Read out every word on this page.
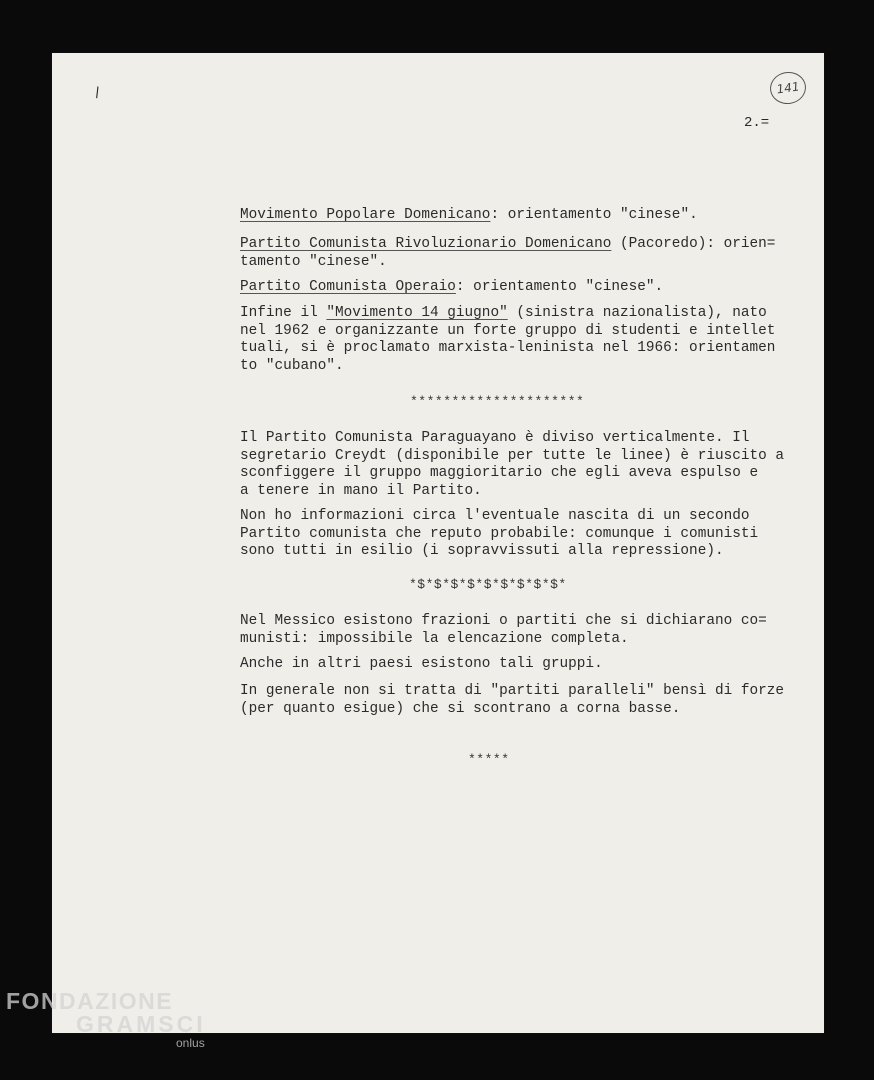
\	141
2.=
Movimento Popolare Domenicano: orientamento "cinese".
Partito Comunista Rivoluzionario Domenicano (Pacoredo): orien=
tamento "cinese".
Partito Comunista Operaio: orientamento "cinese".
Infine il "Movimento 14 giugno" (sinistra nazionalista), nato
nel 1962 e organizzante un forte gruppo di studenti e intellet
tuali, si è proclamato marxista-leninista nel 1966: orientamen
to "cubano".
*********************
Il Partito Comunista Paraguayano è diviso verticalmente. Il
segretario Creydt (disponibile per tutte le linee) è riuscito a
sconfiggere il gruppo maggioritario che egli aveva espulso e
a tenere in mano il Partito.
Non ho informazioni circa l'eventuale nascita di un secondo
Partito comunista che reputo probabile: comunque i comunisti
sono tutti in esilio (i sopravvissuti alla repressione).
*$*$*$*$*$*$*$*$*$*
Nel Messico esistono frazioni o partiti che si dichiarano co=
munisti: impossibile la elencazione completa.
Anche in altri paesi esistono tali gruppi.
In generale non si tratta di "partiti paralleli" bensì di forze
(per quanto esigue) che si scontrano a corna basse.
*****
FONDAZIONE
GRAMSCI
onlus
